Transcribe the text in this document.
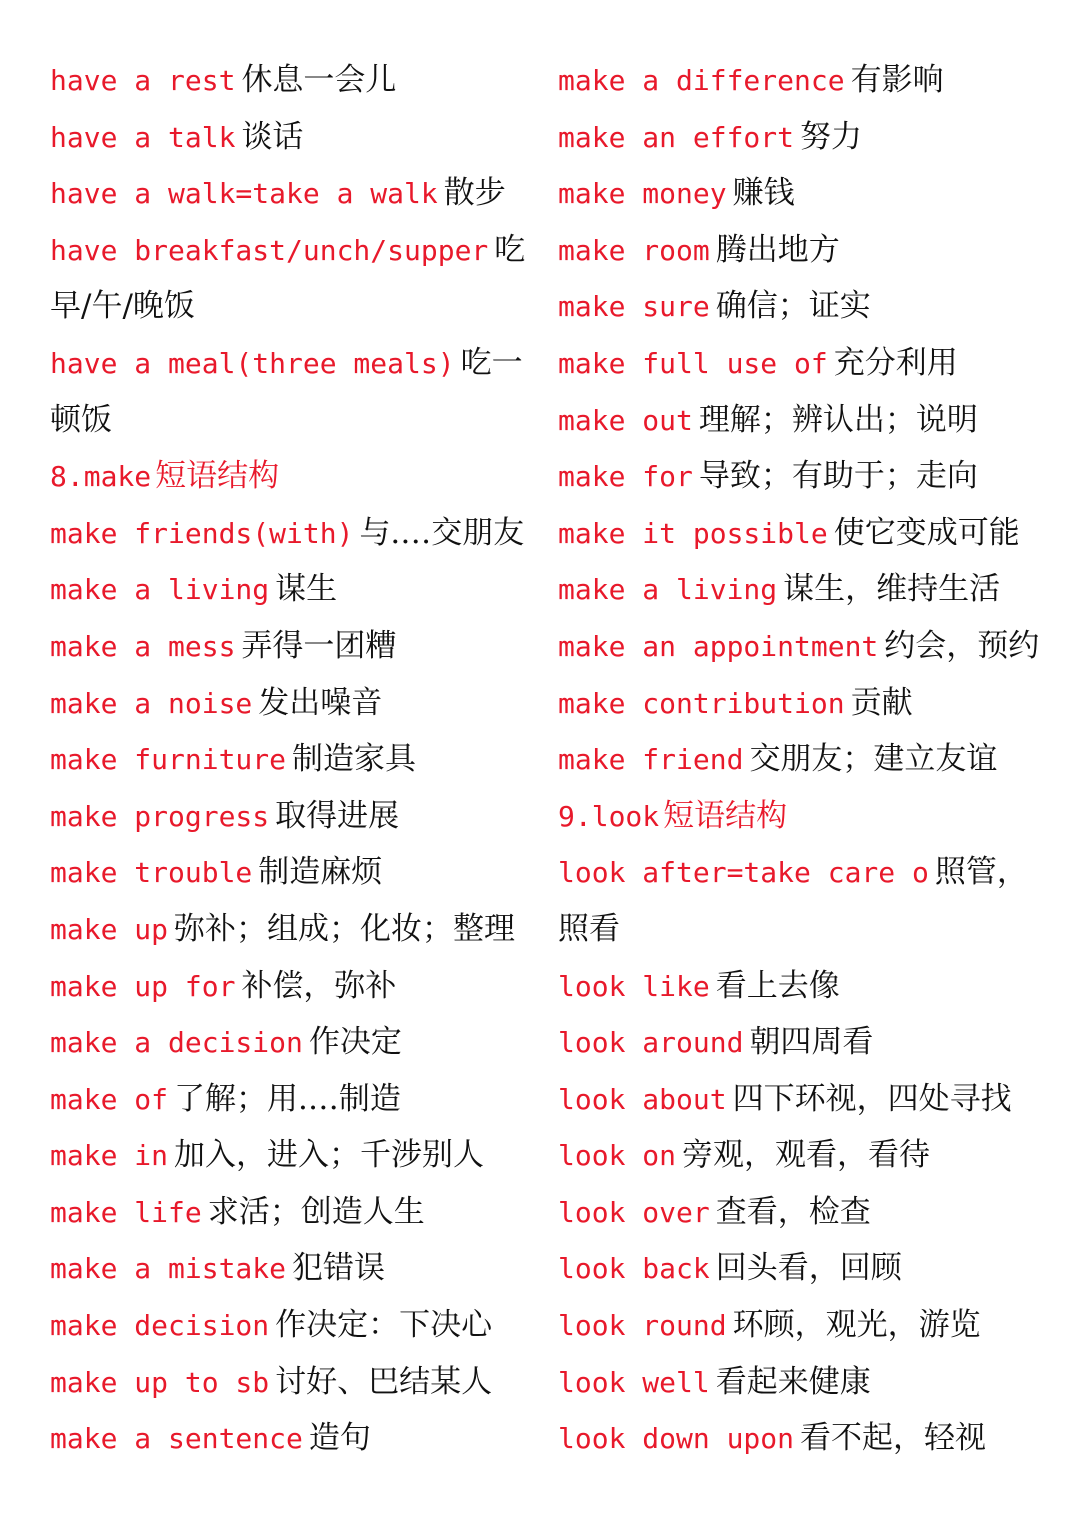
have a rest 休息一会儿
have a talk 谈话
have a walk=take a walk 散步
have breakfast/unch/supper 吃
早/午/晚饭
have a meal(three meals) 吃一
顿饭
8.make 短语结构
make friends(with) 与.…交朋友
make a living 谋生
make a mess 弄得一团糟
make a noise 发出噪音
make furniture 制造家具
make progress 取得进展
make trouble 制造麻烦
make up 弥补；组成；化妆；整理
make up for 补偿，弥补
make a decision 作决定
make of 了解；用.…制造
make in 加入，进入；千涉别人
make life 求活；创造人生
make a mistake 犯错误
make decision 作决定：下决心
make up to sb 讨好、巴结某人
make a sentence 造句
make a difference 有影响
make an effort 努力
make money 赚钱
make room 腾出地方
make sure 确信；证实
make full use of 充分利用
make out 理解；辨认出；说明
make for 导致；有助于；走向
make it possible 使它变成可能
make a living 谋生，维持生活
make an appointment 约会，预约
make contribution 贡献
make friend 交朋友；建立友谊
9.look 短语结构
look after=take care o 照管，
照看
look like 看上去像
look around 朝四周看
look about 四下环视，四处寻找
look on 旁观，观看，看待
look over 查看，检查
look back 回头看，回顾
look round 环顾，观光，游览
look well 看起来健康
look down upon 看不起，轻视
